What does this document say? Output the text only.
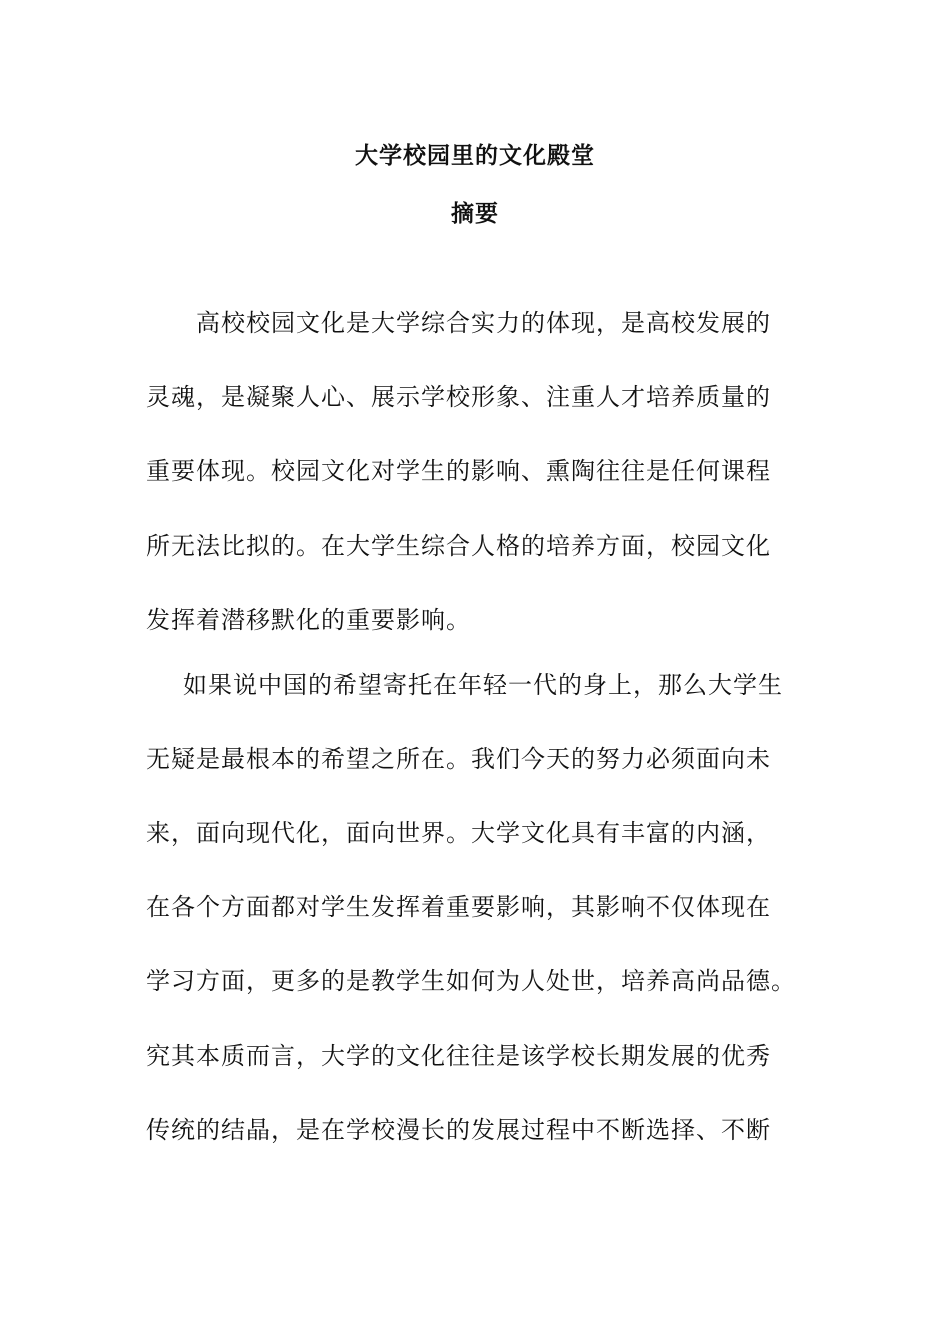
大学校园里的文化殿堂
摘要

高校校园文化是大学综合实力的体现，是高校发展的

灵魂，是凝聚人心、展示学校形象、注重人才培养质量的

重要体现。校园文化对学生的影响、熏陶往往是任何课程

所无法比拟的。在大学生综合人格的培养方面，校园文化

发挥着潜移默化的重要影响。

如果说中国的希望寄托在年轻一代的身上，那么大学生

无疑是最根本的希望之所在。我们今天的努力必须面向未

来，面向现代化，面向世界。大学文化具有丰富的内涵，

在各个方面都对学生发挥着重要影响，其影响不仅体现在

学习方面，更多的是教学生如何为人处世，培养高尚品德。

究其本质而言，大学的文化往往是该学校长期发展的优秀

传统的结晶，是在学校漫长的发展过程中不断选择、不断
